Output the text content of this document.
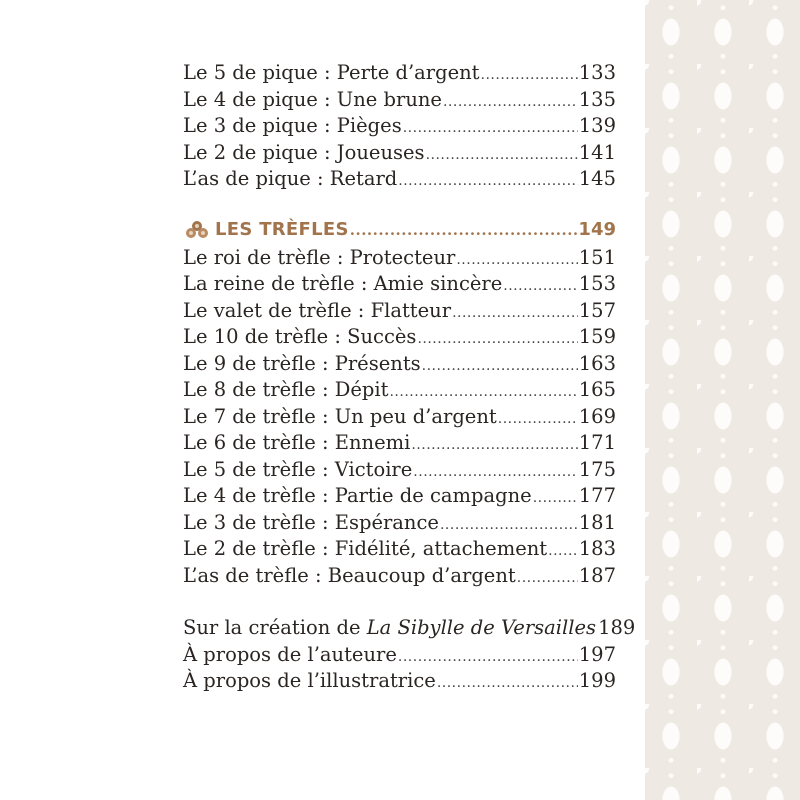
Le 5 de pique : Perte d’argent .....	133
Le 4 de pique : Une brune .....	135
Le 3 de pique : Pièges .....	139
Le 2 de pique : Joueuses .....	141
L’as de pique : Retard .....	145
LES TRÈFLES .....	149
Le roi de trèfle : Protecteur .....	151
La reine de trèfle : Amie sincère .....	153
Le valet de trèfle : Flatteur .....	157
Le 10 de trèfle : Succès .....	159
Le 9 de trèfle : Présents .....	163
Le 8 de trèfle : Dépit .....	165
Le 7 de trèfle : Un peu d’argent .....	169
Le 6 de trèfle : Ennemi .....	171
Le 5 de trèfle : Victoire .....	175
Le 4 de trèfle : Partie de campagne ..... 177
Le 3 de trèfle : Espérance .....	181
Le 2 de trèfle : Fidélité, attachement ..... 183
L’as de trèfle : Beaucoup d’argent .....	187
Sur la création de La Sibylle de Versailles 189
À propos de l’auteure .....	197
À propos de l’illustratrice .....	199
